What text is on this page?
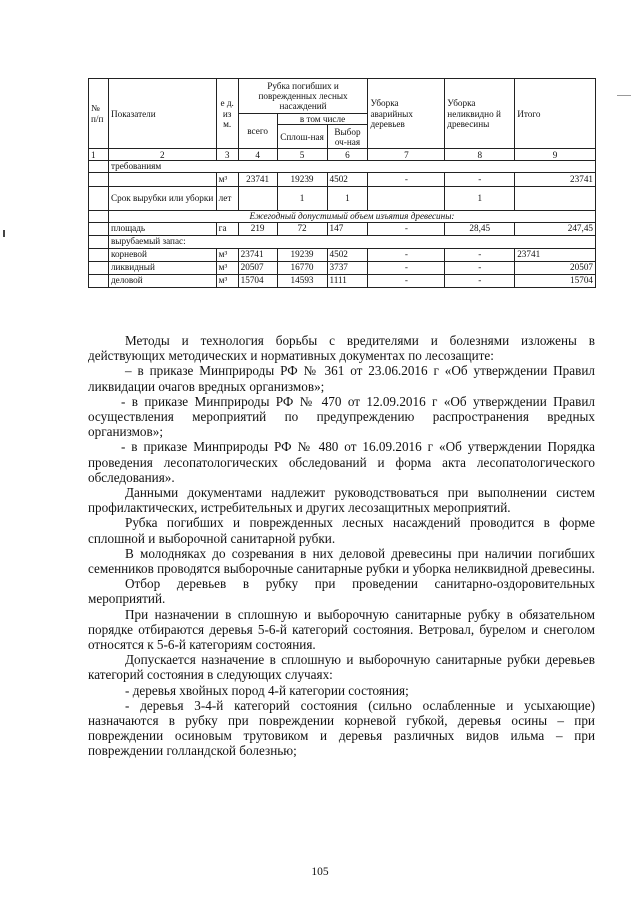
№ п/п	Показатели	е д. из м.	Рубка погибших и поврежденных лесных насаждений			Уборка аварийных деревьев	Уборка неликвидно й древесины	Итого
			всего	в том числе				
				Сплош-ная	Выбор оч-ная			
1	2	3	4	5	6	7	8	9
	требованиям							
		м³	23741	19239	4502	-	-	23741
	Срок вырубки или уборки	лет		1	1		1	
	Ежегодный допустимый объем изъятия древесины:							
	площадь	га	219	72	147	-	28,45	247,45
	вырубаемый запас:							
	корневой	м³	23741	19239	4502	-	-	23741
	ликвидный	м³	20507	16770	3737	-	-	20507
	деловой	м³	15704	14593	1111	-	-	15704

Методы и технология борьбы с вредителями и болезнями изложены в действующих методических и нормативных документах по лесозащите:

– в приказе Минприроды РФ № 361 от 23.06.2016 г «Об утверждении Правил ликвидации очагов вредных организмов»;

- в приказе Минприроды РФ № 470 от 12.09.2016 г «Об утверждении Правил осуществления мероприятий по предупреждению распространения вредных организмов»;

- в приказе Минприроды РФ № 480 от 16.09.2016 г «Об утверждении Порядка проведения лесопатологических обследований и форма акта лесопатологического обследования».

Данными документами надлежит руководствоваться при выполнении систем профилактических, истребительных и других лесозащитных мероприятий.

Рубка погибших и поврежденных лесных насаждений проводится в форме сплошной и выборочной санитарной рубки.

В молодняках до созревания в них деловой древесины при наличии погибших семенников проводятся выборочные санитарные рубки и уборка неликвидной древесины.

Отбор деревьев в рубку при проведении санитарно-оздоровительных мероприятий.

При назначении в сплошную и выборочную санитарные рубку в обязательном порядке отбираются деревья 5-6-й категорий состояния. Ветровал, бурелом и снеголом относятся к 5-6-й категориям состояния.

Допускается назначение в сплошную и выборочную санитарные рубки деревьев категорий состояния в следующих случаях:

- деревья хвойных пород 4-й категории состояния;

- деревья 3-4-й категорий состояния (сильно ослабленные и усыхающие) назначаются в рубку при повреждении корневой губкой, деревья осины – при повреждении осиновым трутовиком и деревья различных видов ильма – при повреждении голландской болезнью;

105
